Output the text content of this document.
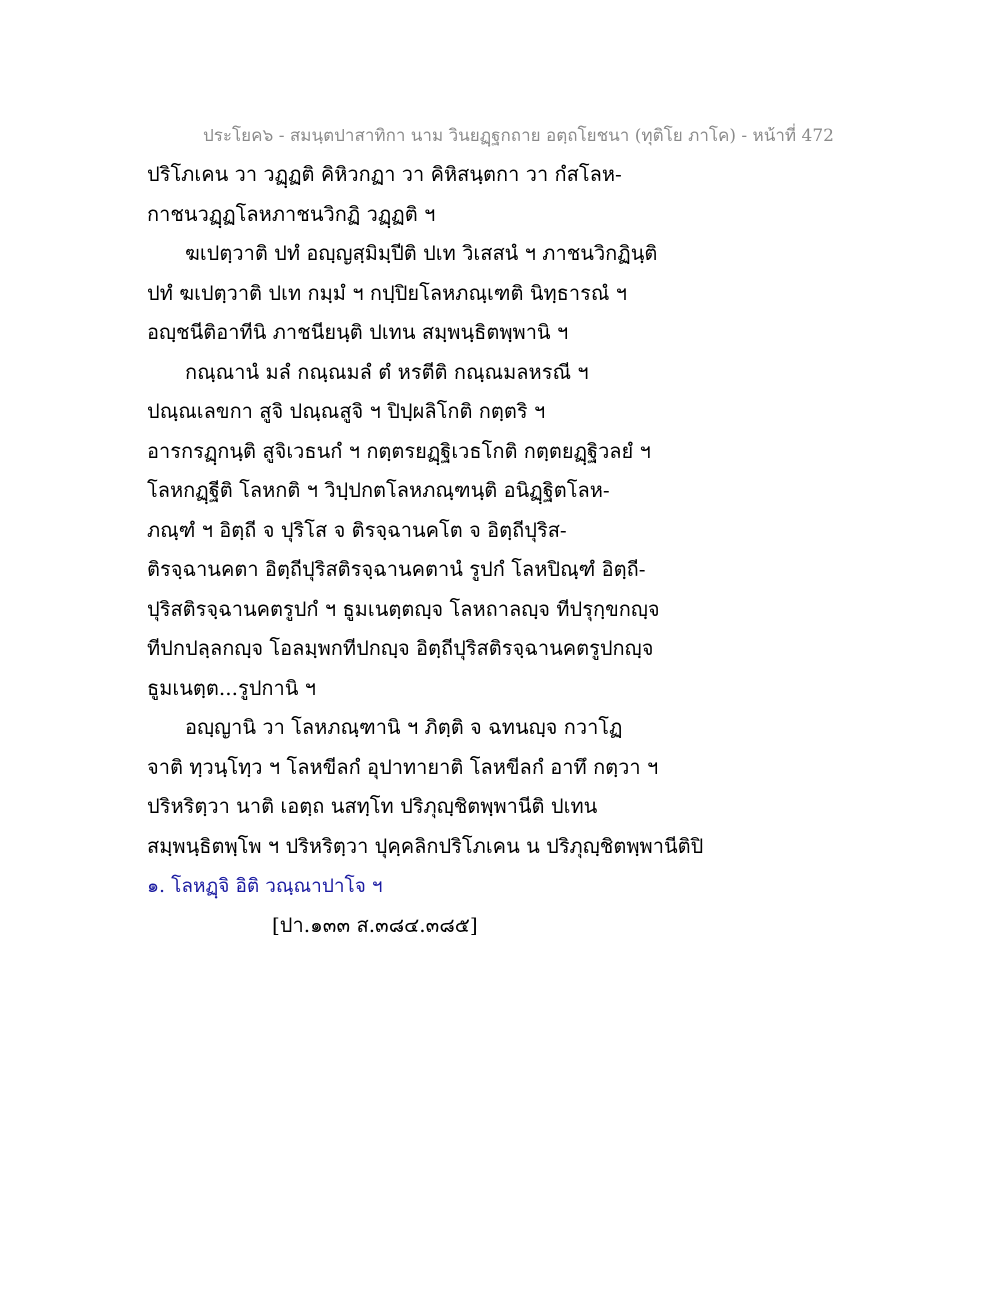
ประโยค๖ - สมนฺตปาสาทิกา นาม วินยฏฺฐกถาย อตฺถโยชนา (ทุติโย ภาโค) - หน้าที่ 472
ปริโภเคน วา วฏฺฏติ คิหิวกฏา วา คิหิสนฺตกา วา กํสโลห-
กาชนวฏฺฏโลหภาชนวิกฏิ วฏฺฏติ ฯ
ฆเปตฺวาติ ปทํ อญฺญสฺมิมฺปีติ ปเท วิเสสนํ ฯ ภาชนวิกฏินฺติ
ปทํ ฆเปตฺวาติ ปเท กมฺมํ ฯ กปฺปิยโลหภณฺเฑติ นิทฺธารณํ ฯ
อญฺชนีติอาทีนิ ภาชนียนฺติ ปเทน สมฺพนฺธิตพฺพานิ ฯ
กณฺณานํ มลํ กณฺณมลํ ตํ หรตีติ กณฺณมลหรณี ฯ
ปณฺณเลขกา สูจิ ปณฺณสูจิ ฯ ปิปฺผลิโกติ กตฺตริ ฯ
อารกรฏฺกนฺติ สูจิเวธนกํ ฯ กตฺตรยฏฺฐิเวธโกติ กตฺตยฏฺฐิวลยํ ฯ
โลหกฏฺฐีติ โลหกติ ฯ วิปฺปกตโลหภณฺฑนฺติ อนิฏฺฐิตโลห-
ภณฺฑํ ฯ อิตฺถี จ ปุริโส จ ติรจฺฉานคโต จ อิตฺถีปุริส-
ติรจฺฉานคตา อิตฺถีปุริสติรจฺฉานคตานํ รูปกํ โลหปิณฺฑํ อิตฺถี-
ปุริสติรจฺฉานคตรูปกํ ฯ ธูมเนตฺตญฺจ โลหถาลญฺจ ทีปรุกฺขกญฺจ
ทีปกปลฺลกญฺจ โอลมฺพกทีปกญฺจ อิตฺถีปุริสติรจฺฉานคตรูปกญฺจ
ธูมเนตฺต...รูปกานิ ฯ
อญฺญานิ วา โลหภณฺฑานิ ฯ ภิตฺติ จ ฉทนญฺจ กวาโฏ
จาติ ทฺวนฺโทฺว ฯ โลหขีลกํ อุปาทายาติ โลหขีลกํ อาทึ กตฺวา ฯ
ปริหริตฺวา นาติ เอตฺถ นสทฺโท ปริภุญฺชิตพฺพานีติ ปเทน
สมฺพนฺธิตพฺโพ ฯ ปริหริตฺวา ปุคฺคลิกปริโภเคน น ปริภุญฺชิตพฺพานีติปิ
๑. โลหฏฺจิ อิติ วณฺณาปาโจ ฯ
[ปา.๑๓๓ ส.๓๘๔.๓๘๕]
